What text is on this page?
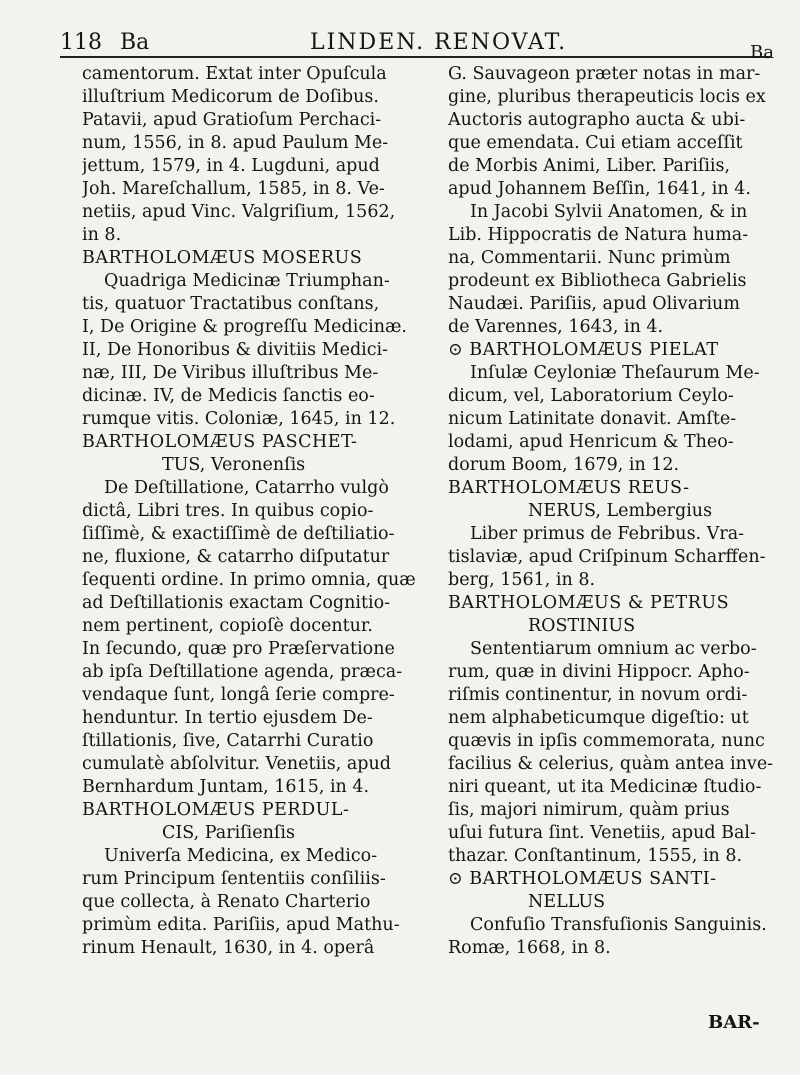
118 Ba	LINDEN. RENOVAT.	Ba
camentorum. Extat inter Opuſcula
illuſtrium Medicorum de Doſibus.
Patavii, apud Gratioſum Perchaci-
num, 1556, in 8. apud Paulum Me-
jettum, 1579, in 4. Lugduni, apud
Joh. Mareſchallum, 1585, in 8. Ve-
netiis, apud Vinc. Valgriſium, 1562,
in 8.
BARTHOLOMÆUS MOSERUS
Quadriga Medicinæ Triumphan-
tis, quatuor Tractatibus conſtans,
I, De Origine & progreſſu Medicinæ.
II, De Honoribus & divitiis Medici-
næ, III, De Viribus illuſtribus Me-
dicinæ. IV, de Medicis ſanctis eo-
rumque vitis. Coloniæ, 1645, in 12.
BARTHOLOMÆUS PASCHET-
TUS, Veronenſis
De Deſtillatione, Catarrho vulgò
dictâ, Libri tres. In quibus copio-
ſiſſimè, & exactiſſimè de deſtiliatio-
ne, fluxione, & catarrho diſputatur
ſequenti ordine. In primo omnia, quæ
ad Deſtillationis exactam Cognitio-
nem pertinent, copioſè docentur.
In ſecundo, quæ pro Præſervatione
ab ipſa Deſtillatione agenda, præca-
vendaque ſunt, longâ ſerie compre-
henduntur. In tertio ejusdem De-
ſtillationis, ſive, Catarrhi Curatio
cumulatè abſolvitur. Venetiis, apud
Bernhardum Juntam, 1615, in 4.
BARTHOLOMÆUS PERDUL-
CIS, Pariſienſis
Univerſa Medicina, ex Medico-
rum Principum ſententiis conſiliis-
que collecta, à Renato Charterio
primùm edita. Pariſiis, apud Mathu-
rinum Henault, 1630, in 4. operâ
G. Sauvageon præter notas in mar-
gine, pluribus therapeuticis locis ex
Auctoris autographo aucta & ubi-
que emendata. Cui etiam acceſſit
de Morbis Animi, Liber. Pariſiis,
apud Johannem Beſſin, 1641, in 4.
In Jacobi Sylvii Anatomen, & in
Lib. Hippocratis de Natura huma-
na, Commentarii. Nunc primùm
prodeunt ex Bibliotheca Gabrielis
Naudæi. Pariſiis, apud Olivarium
de Varennes, 1643, in 4.
⊙ BARTHOLOMÆUS PIELAT
Inſulæ Ceyloniæ Theſaurum Me-
dicum, vel, Laboratorium Ceylo-
nicum Latinitate donavit. Amſte-
lodami, apud Henricum & Theo-
dorum Boom, 1679, in 12.
BARTHOLOMÆUS REUS-
NERUS, Lembergius
Liber primus de Febribus. Vra-
tislaviæ, apud Criſpinum Scharffen-
berg, 1561, in 8.
BARTHOLOMÆUS & PETRUS
ROSTINIUS
Sententiarum omnium ac verbo-
rum, quæ in divini Hippocr. Apho-
riſmis continentur, in novum ordi-
nem alphabeticumque digeſtio: ut
quævis in ipſis commemorata, nunc
facilius & celerius, quàm antea inve-
niri queant, ut ita Medicinæ ſtudio-
ſis, majori nimirum, quàm prius
uſui futura ſint. Venetiis, apud Bal-
thazar. Conſtantinum, 1555, in 8.
⊙ BARTHOLOMÆUS SANTI-
NELLUS
Confuſio Transfuſionis Sanguinis.
Romæ, 1668, in 8.
BAR-
